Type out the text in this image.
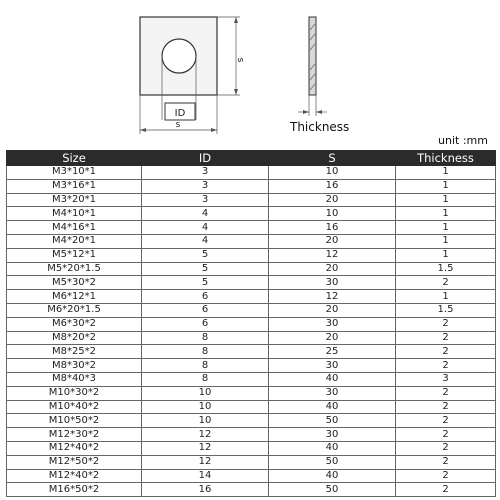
ID
s
s
Thickness
unit :mm
Size	ID	S	Thickness
M3*10*1	3	10	1
M3*16*1	3	16	1
M3*20*1	3	20	1
M4*10*1	4	10	1
M4*16*1	4	16	1
M4*20*1	4	20	1
M5*12*1	5	12	1
M5*20*1.5	5	20	1.5
M5*30*2	5	30	2
M6*12*1	6	12	1
M6*20*1.5	6	20	1.5
M6*30*2	6	30	2
M8*20*2	8	20	2
M8*25*2	8	25	2
M8*30*2	8	30	2
M8*40*3	8	40	3
M10*30*2	10	30	2
M10*40*2	10	40	2
M10*50*2	10	50	2
M12*30*2	12	30	2
M12*40*2	12	40	2
M12*50*2	12	50	2
M12*40*2	14	40	2
M16*50*2	16	50	2
